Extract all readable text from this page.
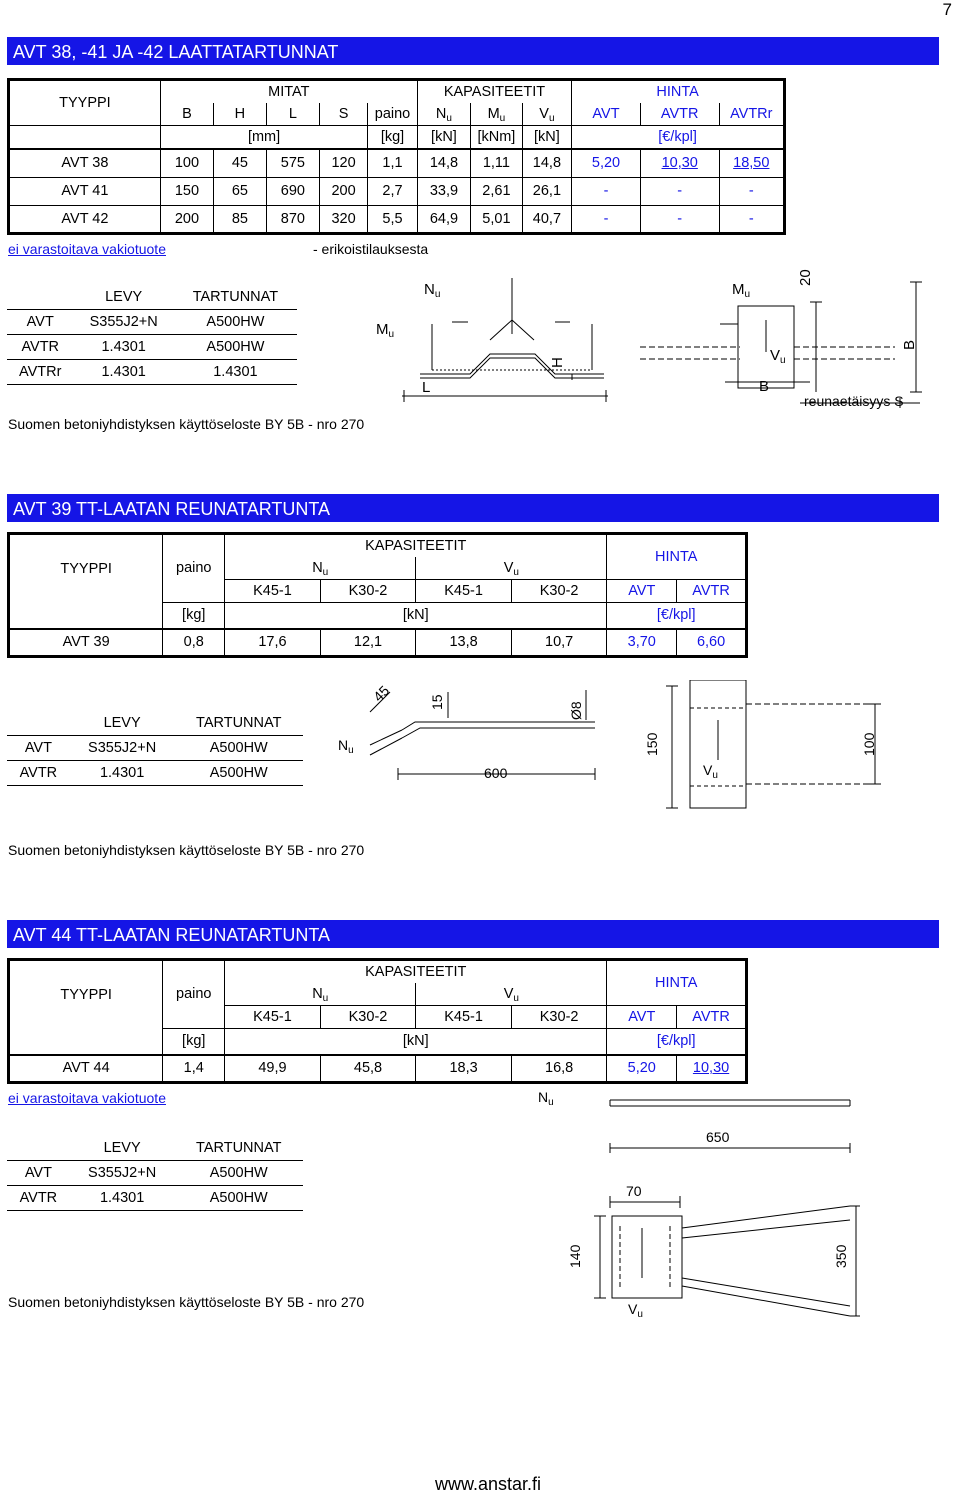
7
AVT 38, -41 JA -42 LAATTATARTUNNAT
TYYPPI	MITAT					KAPASITEETIT			HINTA		
	B	H	L	S	paino	$N_u$	$M_u$	$V_u$	AVT	AVTR	AVTRr
	[mm]				[kg]	[kN]	[kNm]	[kN]	[€/kpl]		
AVT 38	100	45	575	120	1,1	14,8	1,11	14,8	5,20	10,30	18,50
AVT 41	150	65	690	200	2,7	33,9	2,61	26,1	-	-	-
AVT 42	200	85	870	320	5,5	64,9	5,01	40,7	-	-	-
ei varastoitava vakiotuote	- erikoistilauksesta
	LEVY	TARTUNNAT
AVT	S355J2+N	A500HW
AVTR	1.4301	A500HW
AVTRr	1.4301	1.4301
$N_u$
$M_u$
L
H
$M_u$
$V_u$
B
20
B
reunaetäisyys S
Suomen betoniyhdistyksen käyttöseloste BY 5B - nro 270
AVT 39 TT-LAATAN REUNATARTUNTA
TYYPPI		KAPASITEETIT				HINTA	
	paino	$N_u$		$V_u$
		K45-1	K30-2	K45-1	K30-2	AVT	AVTR
	[kg]	[kN]				[€/kpl]	
AVT 39	0,8	17,6	12,1	13,8	10,7	3,70	6,60
	LEVY	TARTUNNAT
AVT	S355J2+N	A500HW
AVTR	1.4301	A500HW
$N_u$
45	15	Ø8
600
150
$V_u$
100
Suomen betoniyhdistyksen käyttöseloste BY 5B - nro 270
AVT 44 TT-LAATAN REUNATARTUNTA
TYYPPI		KAPASITEETIT				HINTA	
	paino	$N_u$		$V_u$
		K45-1	K30-2	K45-1	K30-2	AVT	AVTR
	[kg]	[kN]				[€/kpl]	
AVT 44	1,4	49,9	45,8	18,3	16,8	5,20	10,30
ei varastoitava vakiotuote
	LEVY	TARTUNNAT
AVT	S355J2+N	A500HW
AVTR	1.4301	A500HW
$N_u$
650
70
140	350
$V_u$
Suomen betoniyhdistyksen käyttöseloste BY 5B - nro 270
www.anstar.fi
